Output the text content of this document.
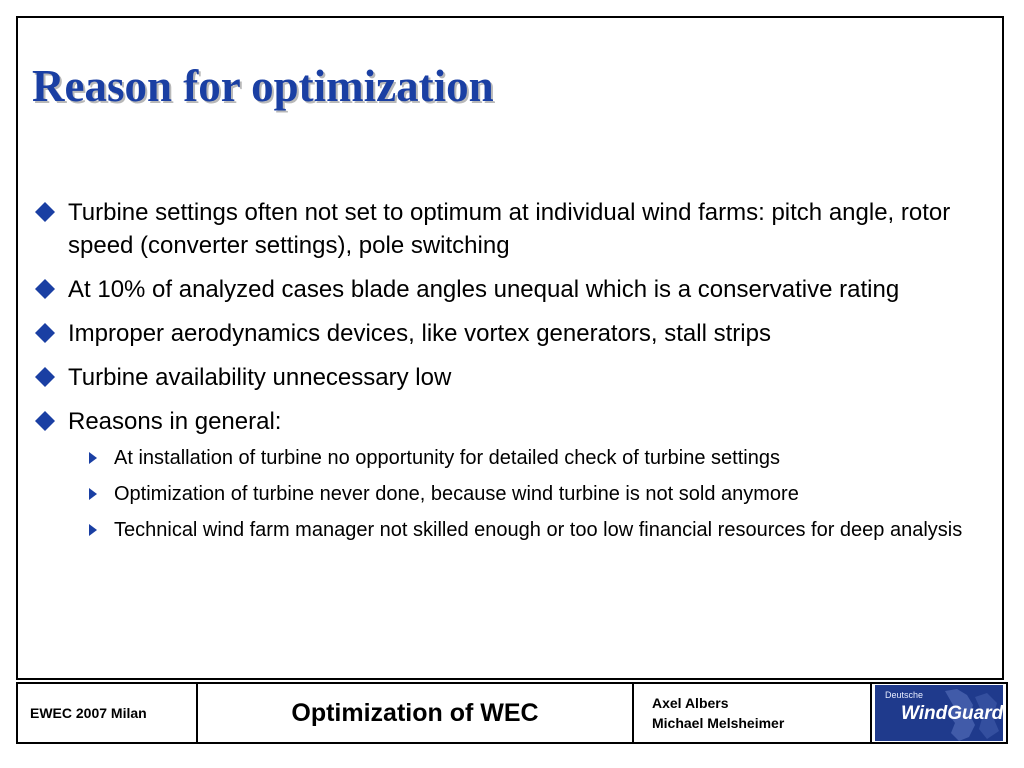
Reason for optimization
Turbine settings often not set to optimum at individual wind farms: pitch angle, rotor speed (converter settings), pole switching
At 10% of analyzed cases blade angles unequal which is a conservative rating
Improper aerodynamics devices, like vortex generators, stall strips
Turbine availability unnecessary low
Reasons in general:
At installation of turbine no opportunity for detailed check of turbine settings
Optimization of turbine never done, because wind turbine is not sold anymore
Technical wind farm manager not skilled enough or too low financial resources for deep analysis
EWEC 2007 Milan	Optimization of WEC	Axel Albers
Michael Melsheimer
Deutsche
WindGuard
